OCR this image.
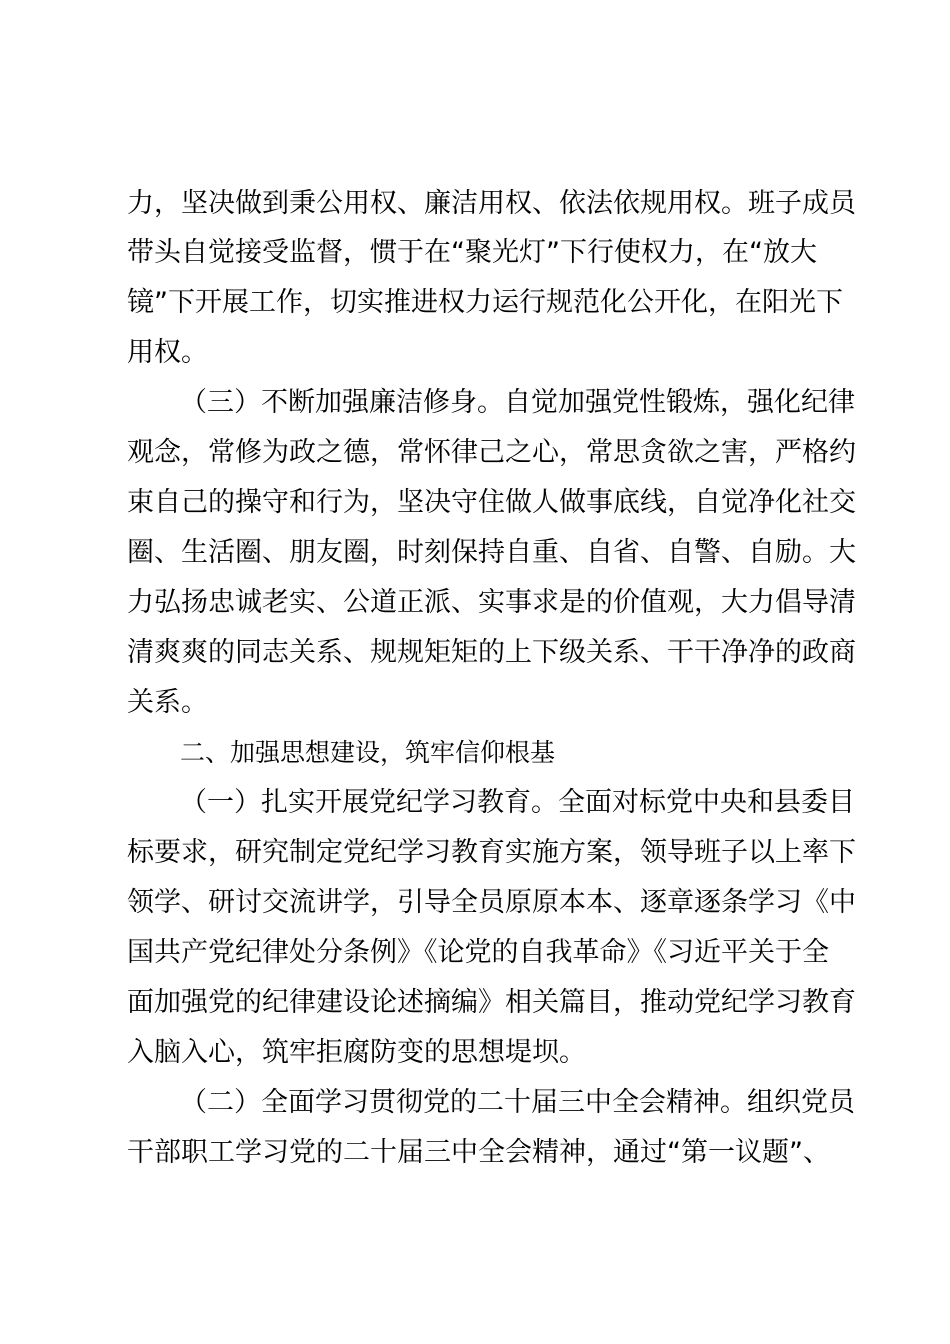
力，坚决做到秉公用权、廉洁用权、依法依规用权。班子成员
带头自觉接受监督，惯于在“聚光灯”下行使权力，在“放大
镜”下开展工作，切实推进权力运行规范化公开化，在阳光下
用权。
（三）不断加强廉洁修身。自觉加强党性锻炼，强化纪律
观念，常修为政之德，常怀律己之心，常思贪欲之害，严格约
束自己的操守和行为，坚决守住做人做事底线，自觉净化社交
圈、生活圈、朋友圈，时刻保持自重、自省、自警、自励。大
力弘扬忠诚老实、公道正派、实事求是的价值观，大力倡导清
清爽爽的同志关系、规规矩矩的上下级关系、干干净净的政商
关系。
二、加强思想建设，筑牢信仰根基
（一）扎实开展党纪学习教育。全面对标党中央和县委目
标要求，研究制定党纪学习教育实施方案，领导班子以上率下
领学、研讨交流讲学，引导全员原原本本、逐章逐条学习《中
国共产党纪律处分条例》《论党的自我革命》《习近平关于全
面加强党的纪律建设论述摘编》相关篇目，推动党纪学习教育
入脑入心，筑牢拒腐防变的思想堤坝。
（二）全面学习贯彻党的二十届三中全会精神。组织党员
干部职工学习党的二十届三中全会精神，通过“第一议题”、
